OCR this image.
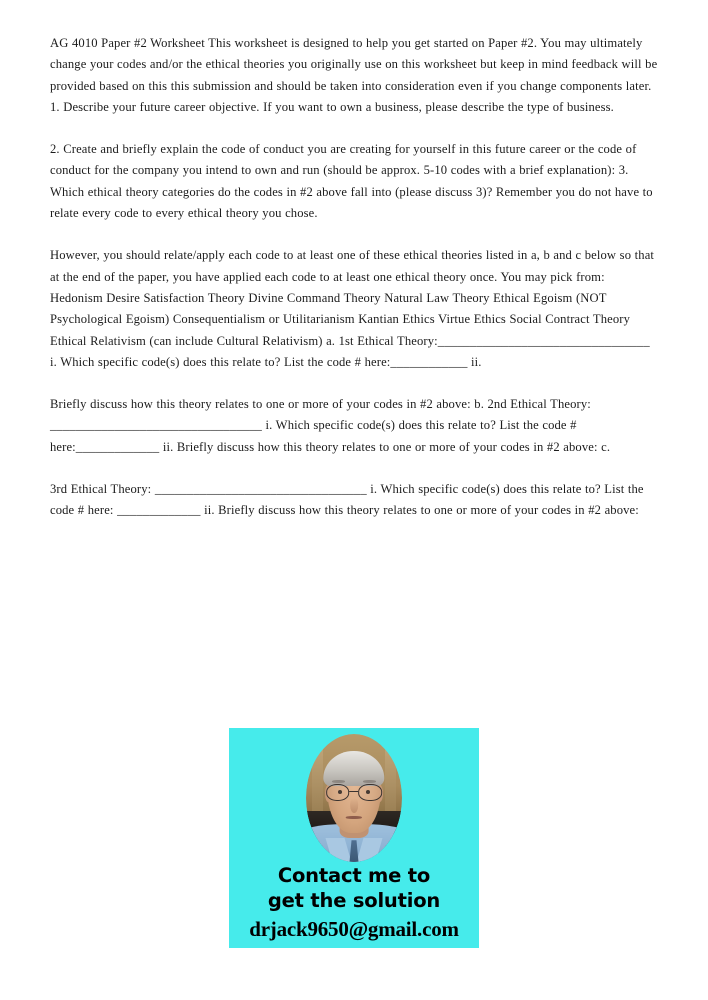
AG 4010 Paper #2 Worksheet This worksheet is designed to help you get started on Paper #2. You may ultimately change your codes and/or the ethical theories you originally use on this worksheet but keep in mind feedback will be provided based on this this submission and should be taken into consideration even if you change components later. 1. Describe your future career objective. If you want to own a business, please describe the type of business.

2. Create and briefly explain the code of conduct you are creating for yourself in this future career or the code of conduct for the company you intend to own and run (should be approx. 5-10 codes with a brief explanation): 3. Which ethical theory categories do the codes in #2 above fall into (please discuss 3)? Remember you do not have to relate every code to every ethical theory you chose.

However, you should relate/apply each code to at least one of these ethical theories listed in a, b and c below so that at the end of the paper, you have applied each code to at least one ethical theory once. You may pick from: Hedonism Desire Satisfaction Theory Divine Command Theory Natural Law Theory Ethical Egoism (NOT Psychological Egoism) Consequentialism or Utilitarianism Kantian Ethics Virtue Ethics Social Contract Theory Ethical Relativism (can include Cultural Relativism) a. 1st Ethical Theory:_________________________________ i. Which specific code(s) does this relate to? List the code # here:____________ ii.

Briefly discuss how this theory relates to one or more of your codes in #2 above: b. 2nd Ethical Theory: _________________________________ i. Which specific code(s) does this relate to? List the code # here:_____________ ii. Briefly discuss how this theory relates to one or more of your codes in #2 above: c.

3rd Ethical Theory: _________________________________ i. Which specific code(s) does this relate to? List the code # here: _____________ ii. Briefly discuss how this theory relates to one or more of your codes in #2 above:

Contact me to
get the solution
drjack9650@gmail.com
